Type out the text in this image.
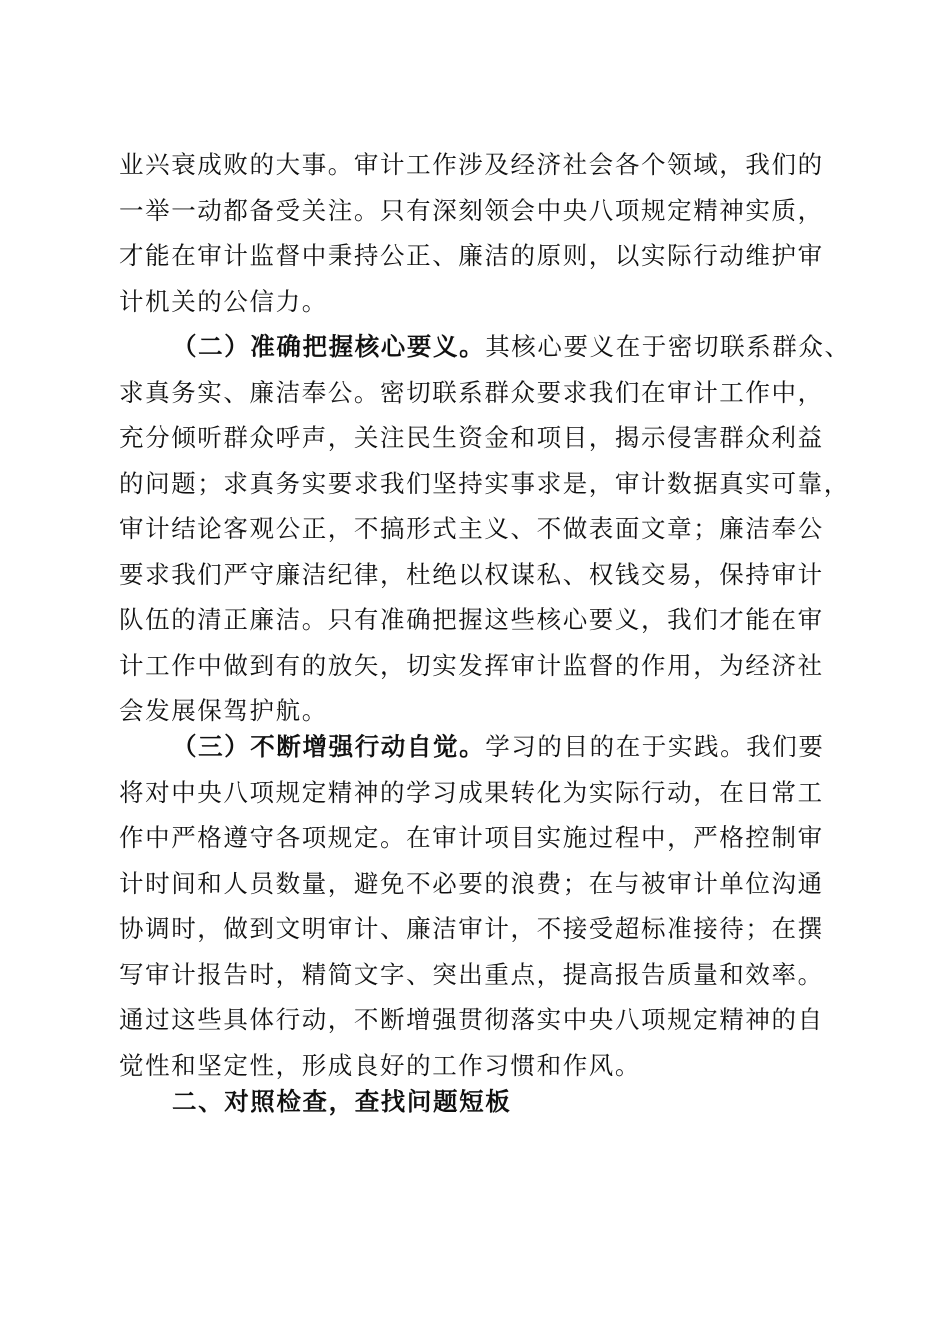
业兴衰成败的大事。审计工作涉及经济社会各个领域，我们的
一举一动都备受关注。只有深刻领会中央八项规定精神实质，
才能在审计监督中秉持公正、廉洁的原则，以实际行动维护审
计机关的公信力。
（二）准确把握核心要义。其核心要义在于密切联系群众、
求真务实、廉洁奉公。密切联系群众要求我们在审计工作中，
充分倾听群众呼声，关注民生资金和项目，揭示侵害群众利益
的问题；求真务实要求我们坚持实事求是，审计数据真实可靠，
审计结论客观公正，不搞形式主义、不做表面文章；廉洁奉公
要求我们严守廉洁纪律，杜绝以权谋私、权钱交易，保持审计
队伍的清正廉洁。只有准确把握这些核心要义，我们才能在审
计工作中做到有的放矢，切实发挥审计监督的作用，为经济社
会发展保驾护航。
（三）不断增强行动自觉。学习的目的在于实践。我们要
将对中央八项规定精神的学习成果转化为实际行动，在日常工
作中严格遵守各项规定。在审计项目实施过程中，严格控制审
计时间和人员数量，避免不必要的浪费；在与被审计单位沟通
协调时，做到文明审计、廉洁审计，不接受超标准接待；在撰
写审计报告时，精简文字、突出重点，提高报告质量和效率。
通过这些具体行动，不断增强贯彻落实中央八项规定精神的自
觉性和坚定性，形成良好的工作习惯和作风。
二、对照检查，查找问题短板
